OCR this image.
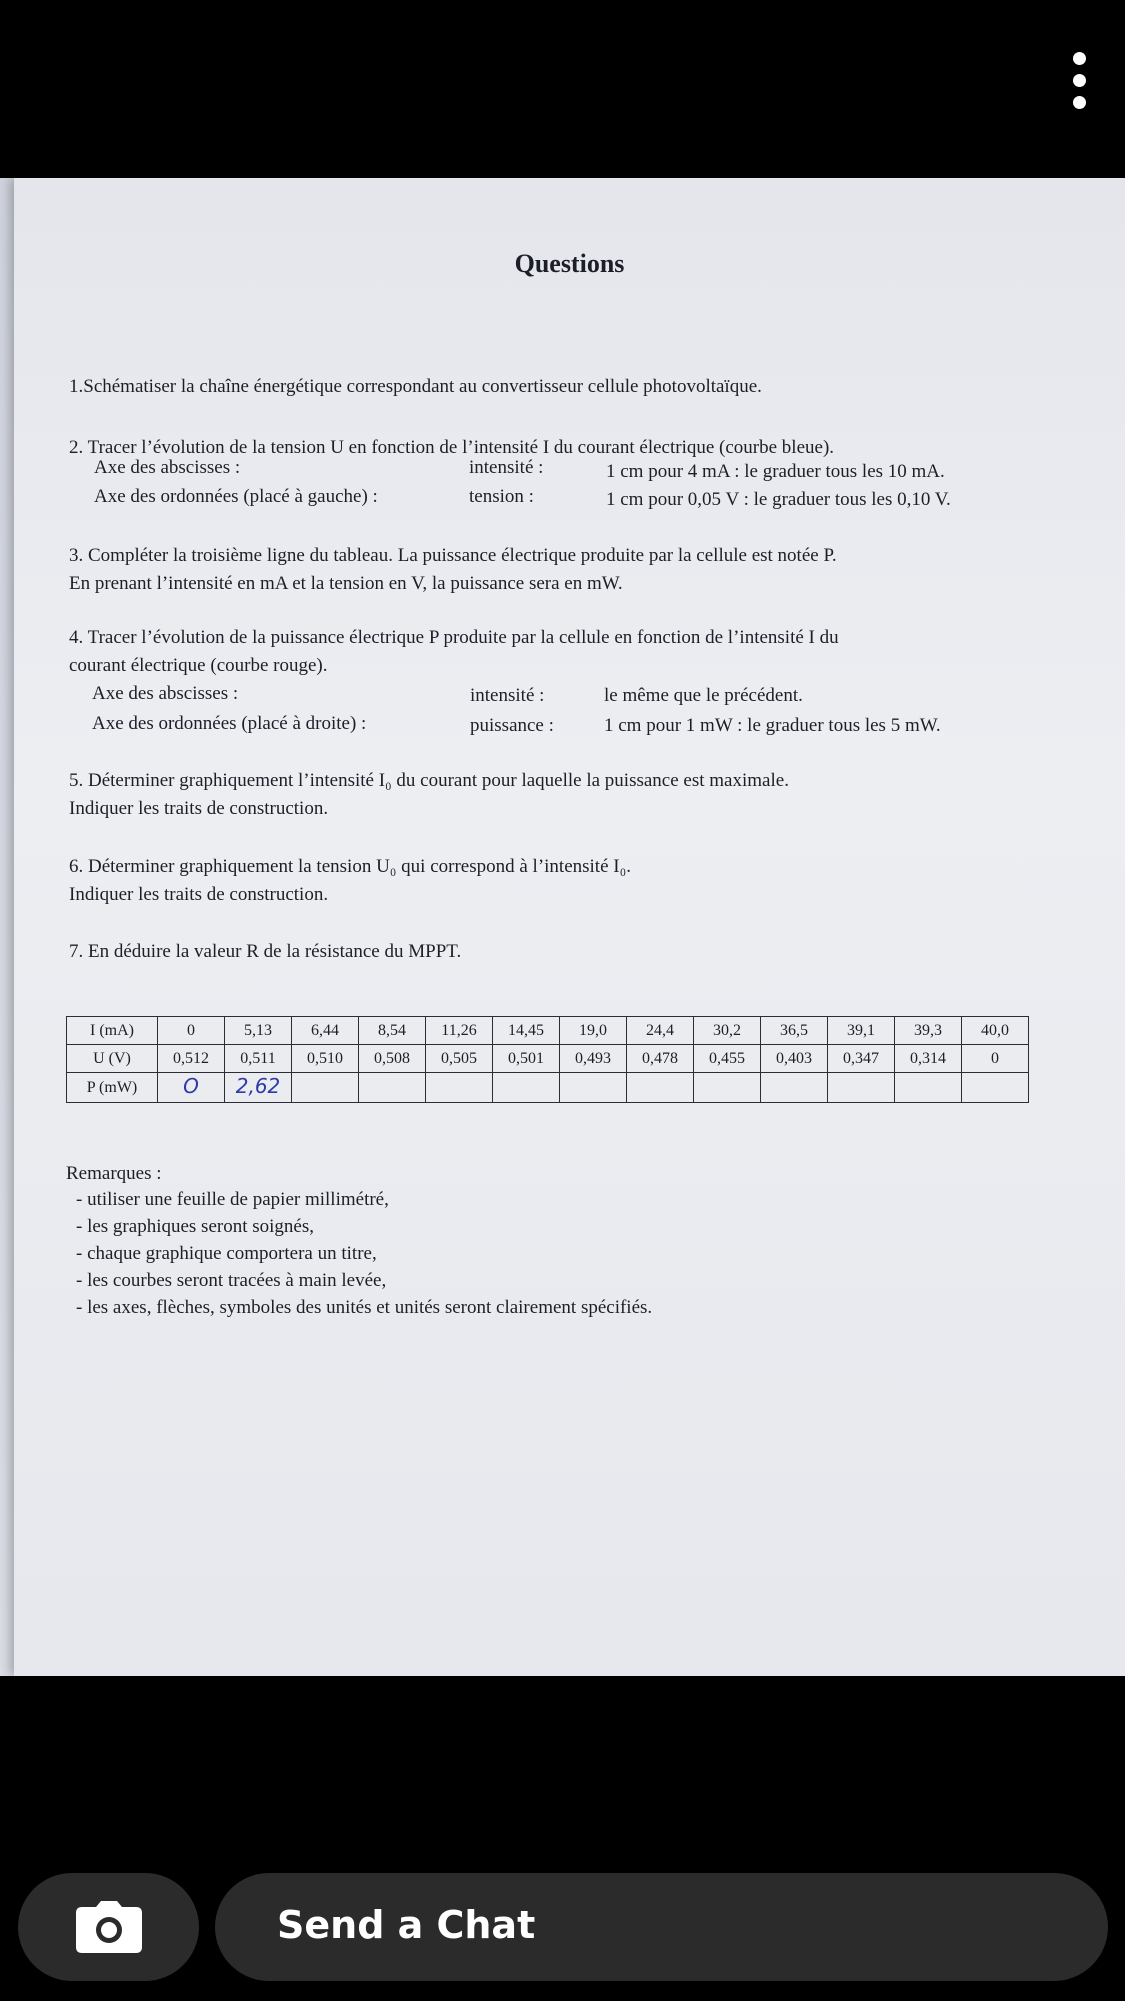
Questions
1.Schématiser la chaîne énergétique correspondant au convertisseur cellule photovoltaïque.
2. Tracer l’évolution de la tension U en fonction de l’intensité I du courant électrique (courbe bleue).
Axe des abscisses :	intensité :	1 cm pour 4 mA : le graduer tous les 10 mA.
Axe des ordonnées (placé à gauche) :	tension :	1 cm pour 0,05 V : le graduer tous les 0,10 V.
3. Compléter la troisième ligne du tableau. La puissance électrique produite par la cellule est notée P.
En prenant l’intensité en mA et la tension en V, la puissance sera en mW.
4. Tracer l’évolution de la puissance électrique P produite par la cellule en fonction de l’intensité I du
courant électrique (courbe rouge).
Axe des abscisses :	intensité :	le même que le précédent.
Axe des ordonnées (placé à droite) :	puissance :	1 cm pour 1 mW : le graduer tous les 5 mW.
5. Déterminer graphiquement l’intensité I₀ du courant pour laquelle la puissance est maximale.
Indiquer les traits de construction.
6. Déterminer graphiquement la tension U₀ qui correspond à l’intensité I₀.
Indiquer les traits de construction.
7. En déduire la valeur R de la résistance du MPPT.
I (mA)	0	5,13	6,44	8,54	11,26	14,45	19,0	24,4	30,2	36,5	39,1	39,3	40,0
U (V)	0,512	0,511	0,510	0,508	0,505	0,501	0,493	0,478	0,455	0,403	0,347	0,314	0
P (mW)	O	2,62											
Remarques :
- utiliser une feuille de papier millimétré,
- les graphiques seront soignés,
- chaque graphique comportera un titre,
- les courbes seront tracées à main levée,
- les axes, flèches, symboles des unités et unités seront clairement spécifiés.
Send a Chat
